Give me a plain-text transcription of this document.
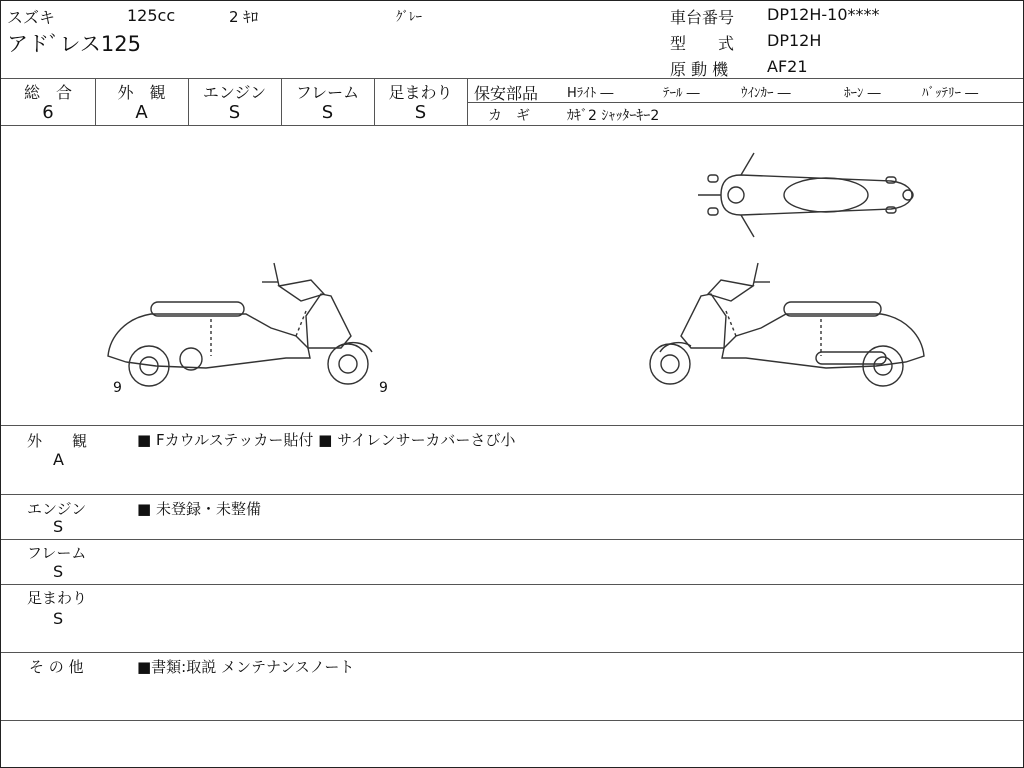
スズキ	125cc	2 ｷﾛ	ｸﾞﾚｰ
アドﾞレス125
車台番号 DP12H-10****
型　　式 DP12H
原 動 機 AF21
総　合	外　観	エンジン	フレーム	足まわり
6	A	S	S	S
保安部品 Hﾗｲﾄ ―	ﾃｰﾙ ―	ｳｲﾝｶｰ ―	ﾎｰﾝ ―	ﾊﾞｯﾃﾘｰ ―
カ　ギ	ｶｷﾞ2 ｼｬｯﾀｰｷｰ2
9	9
外　　観
A
■ Fカウルステッカー貼付 ■ サイレンサーカバーさび小
エンジン
S
■ 未登録・未整備
フレーム
S
足まわり
S
そ の 他	■書類:取説 メンテナンスノート
